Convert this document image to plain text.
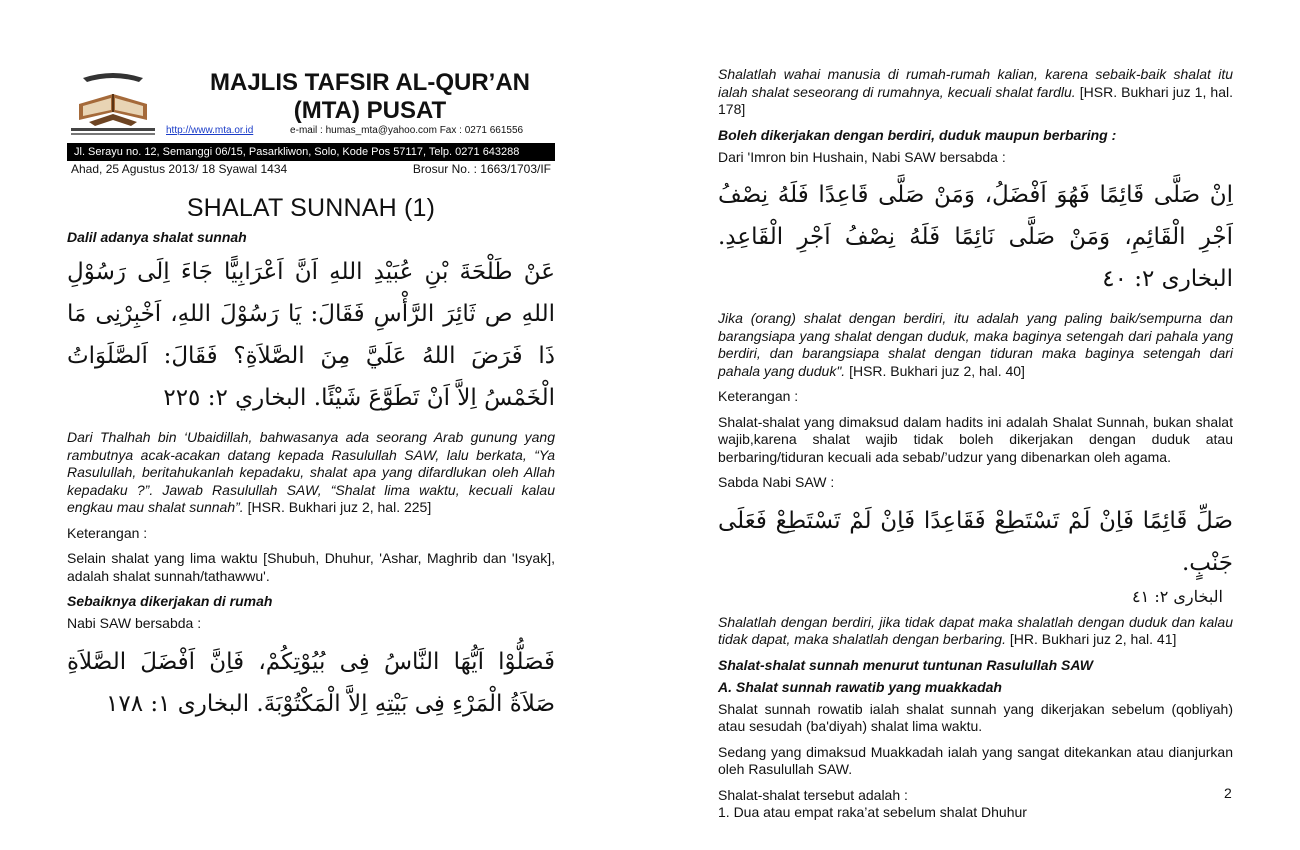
MAJLIS TAFSIR AL-QUR’AN
(MTA) PUSAT
http://www.mta.or.id	e-mail : humas_mta@yahoo.com Fax : 0271 661556
Jl. Serayu no. 12, Semanggi 06/15, Pasarkliwon, Solo, Kode Pos 57117, Telp. 0271 643288
Ahad, 25 Agustus 2013/ 18 Syawal 1434	Brosur No. : 1663/1703/IF
SHALAT SUNNAH (1)
Dalil adanya shalat sunnah
عَنْ طَلْحَةَ بْنِ عُبَيْدِ اللهِ اَنَّ اَعْرَابِيًّا جَاءَ اِلَى رَسُوْلِ اللهِ ص ثَائِرَ الرَّأْسِ فَقَالَ: يَا رَسُوْلَ اللهِ، اَخْبِرْنِى مَا ذَا فَرَضَ اللهُ عَلَيَّ مِنَ الصَّلاَةِ؟ فَقَالَ: اَلصَّلَوَاتُ الْخَمْسُ اِلاَّ اَنْ تَطَوَّعَ شَيْئًا. البخاري ٢: ٢٢٥

Dari Thalhah bin ‘Ubaidillah, bahwasanya ada seorang Arab gunung yang rambutnya acak-acakan datang kepada Rasulullah SAW, lalu berkata, “Ya Rasulullah, beritahukanlah kepadaku, shalat apa yang difardlukan oleh Allah kepadaku ?”. Jawab Rasulullah SAW, “Shalat lima waktu, kecuali kalau engkau mau shalat sunnah”. [HSR. Bukhari juz 2, hal. 225]

Keterangan :

Selain shalat yang lima waktu [Shubuh, Dhuhur, 'Ashar, Maghrib dan 'Isyak], adalah shalat sunnah/tathawwu'.

Sebaiknya dikerjakan di rumah

Nabi SAW bersabda :

فَصَلُّوْا اَيُّهَا النَّاسُ فِى بُيُوْتِكُمْ، فَاِنَّ اَفْضَلَ الصَّلاَةِ صَلاَةُ الْمَرْءِ فِى بَيْتِهِ اِلاَّ الْمَكْتُوْبَةَ. البخارى ١: ١٧٨

Shalatlah wahai manusia di rumah-rumah kalian, karena sebaik-baik shalat itu ialah shalat seseorang di rumahnya, kecuali shalat fardlu. [HSR. Bukhari juz 1, hal. 178]

Boleh dikerjakan dengan berdiri, duduk maupun berbaring :

Dari 'Imron bin Hushain, Nabi SAW bersabda :

اِنْ صَلَّى قَائِمًا فَهُوَ اَفْضَلُ، وَمَنْ صَلَّى قَاعِدًا فَلَهُ نِصْفُ اَجْرِ الْقَائِمِ، وَمَنْ صَلَّى نَائِمًا فَلَهُ نِصْفُ اَجْرِ الْقَاعِدِ. البخارى ٢: ٤٠

Jika (orang) shalat dengan berdiri, itu adalah yang paling baik/sempurna dan barangsiapa yang shalat dengan duduk, maka baginya setengah dari pahala yang berdiri, dan barangsiapa shalat dengan tiduran maka baginya setengah dari pahala yang duduk". [HSR. Bukhari juz 2, hal. 40]

Keterangan :

Shalat-shalat yang dimaksud dalam hadits ini adalah Shalat Sunnah, bukan shalat wajib,karena shalat wajib tidak boleh dikerjakan dengan duduk atau berbaring/tiduran kecuali ada sebab/’udzur yang dibenarkan oleh agama.

Sabda Nabi SAW :

صَلِّ قَائِمًا فَاِنْ لَمْ تَسْتَطِعْ فَقَاعِدًا فَاِنْ لَمْ تَسْتَطِعْ فَعَلَى جَنْبٍ.
البخارى ٢: ٤١

Shalatlah dengan berdiri, jika tidak dapat maka shalatlah dengan duduk dan kalau tidak dapat, maka shalatlah dengan berbaring. [HR. Bukhari juz 2, hal. 41]

Shalat-shalat sunnah menurut tuntunan Rasulullah SAW
A. Shalat sunnah rawatib yang muakkadah

Shalat sunnah rowatib ialah shalat sunnah yang dikerjakan sebelum (qobliyah) atau sesudah (ba'diyah) shalat lima waktu.

Sedang yang dimaksud Muakkadah ialah yang sangat ditekankan atau dianjurkan oleh Rasulullah SAW.

Shalat-shalat tersebut adalah :

1. Dua atau empat raka’at sebelum shalat Dhuhur

2
